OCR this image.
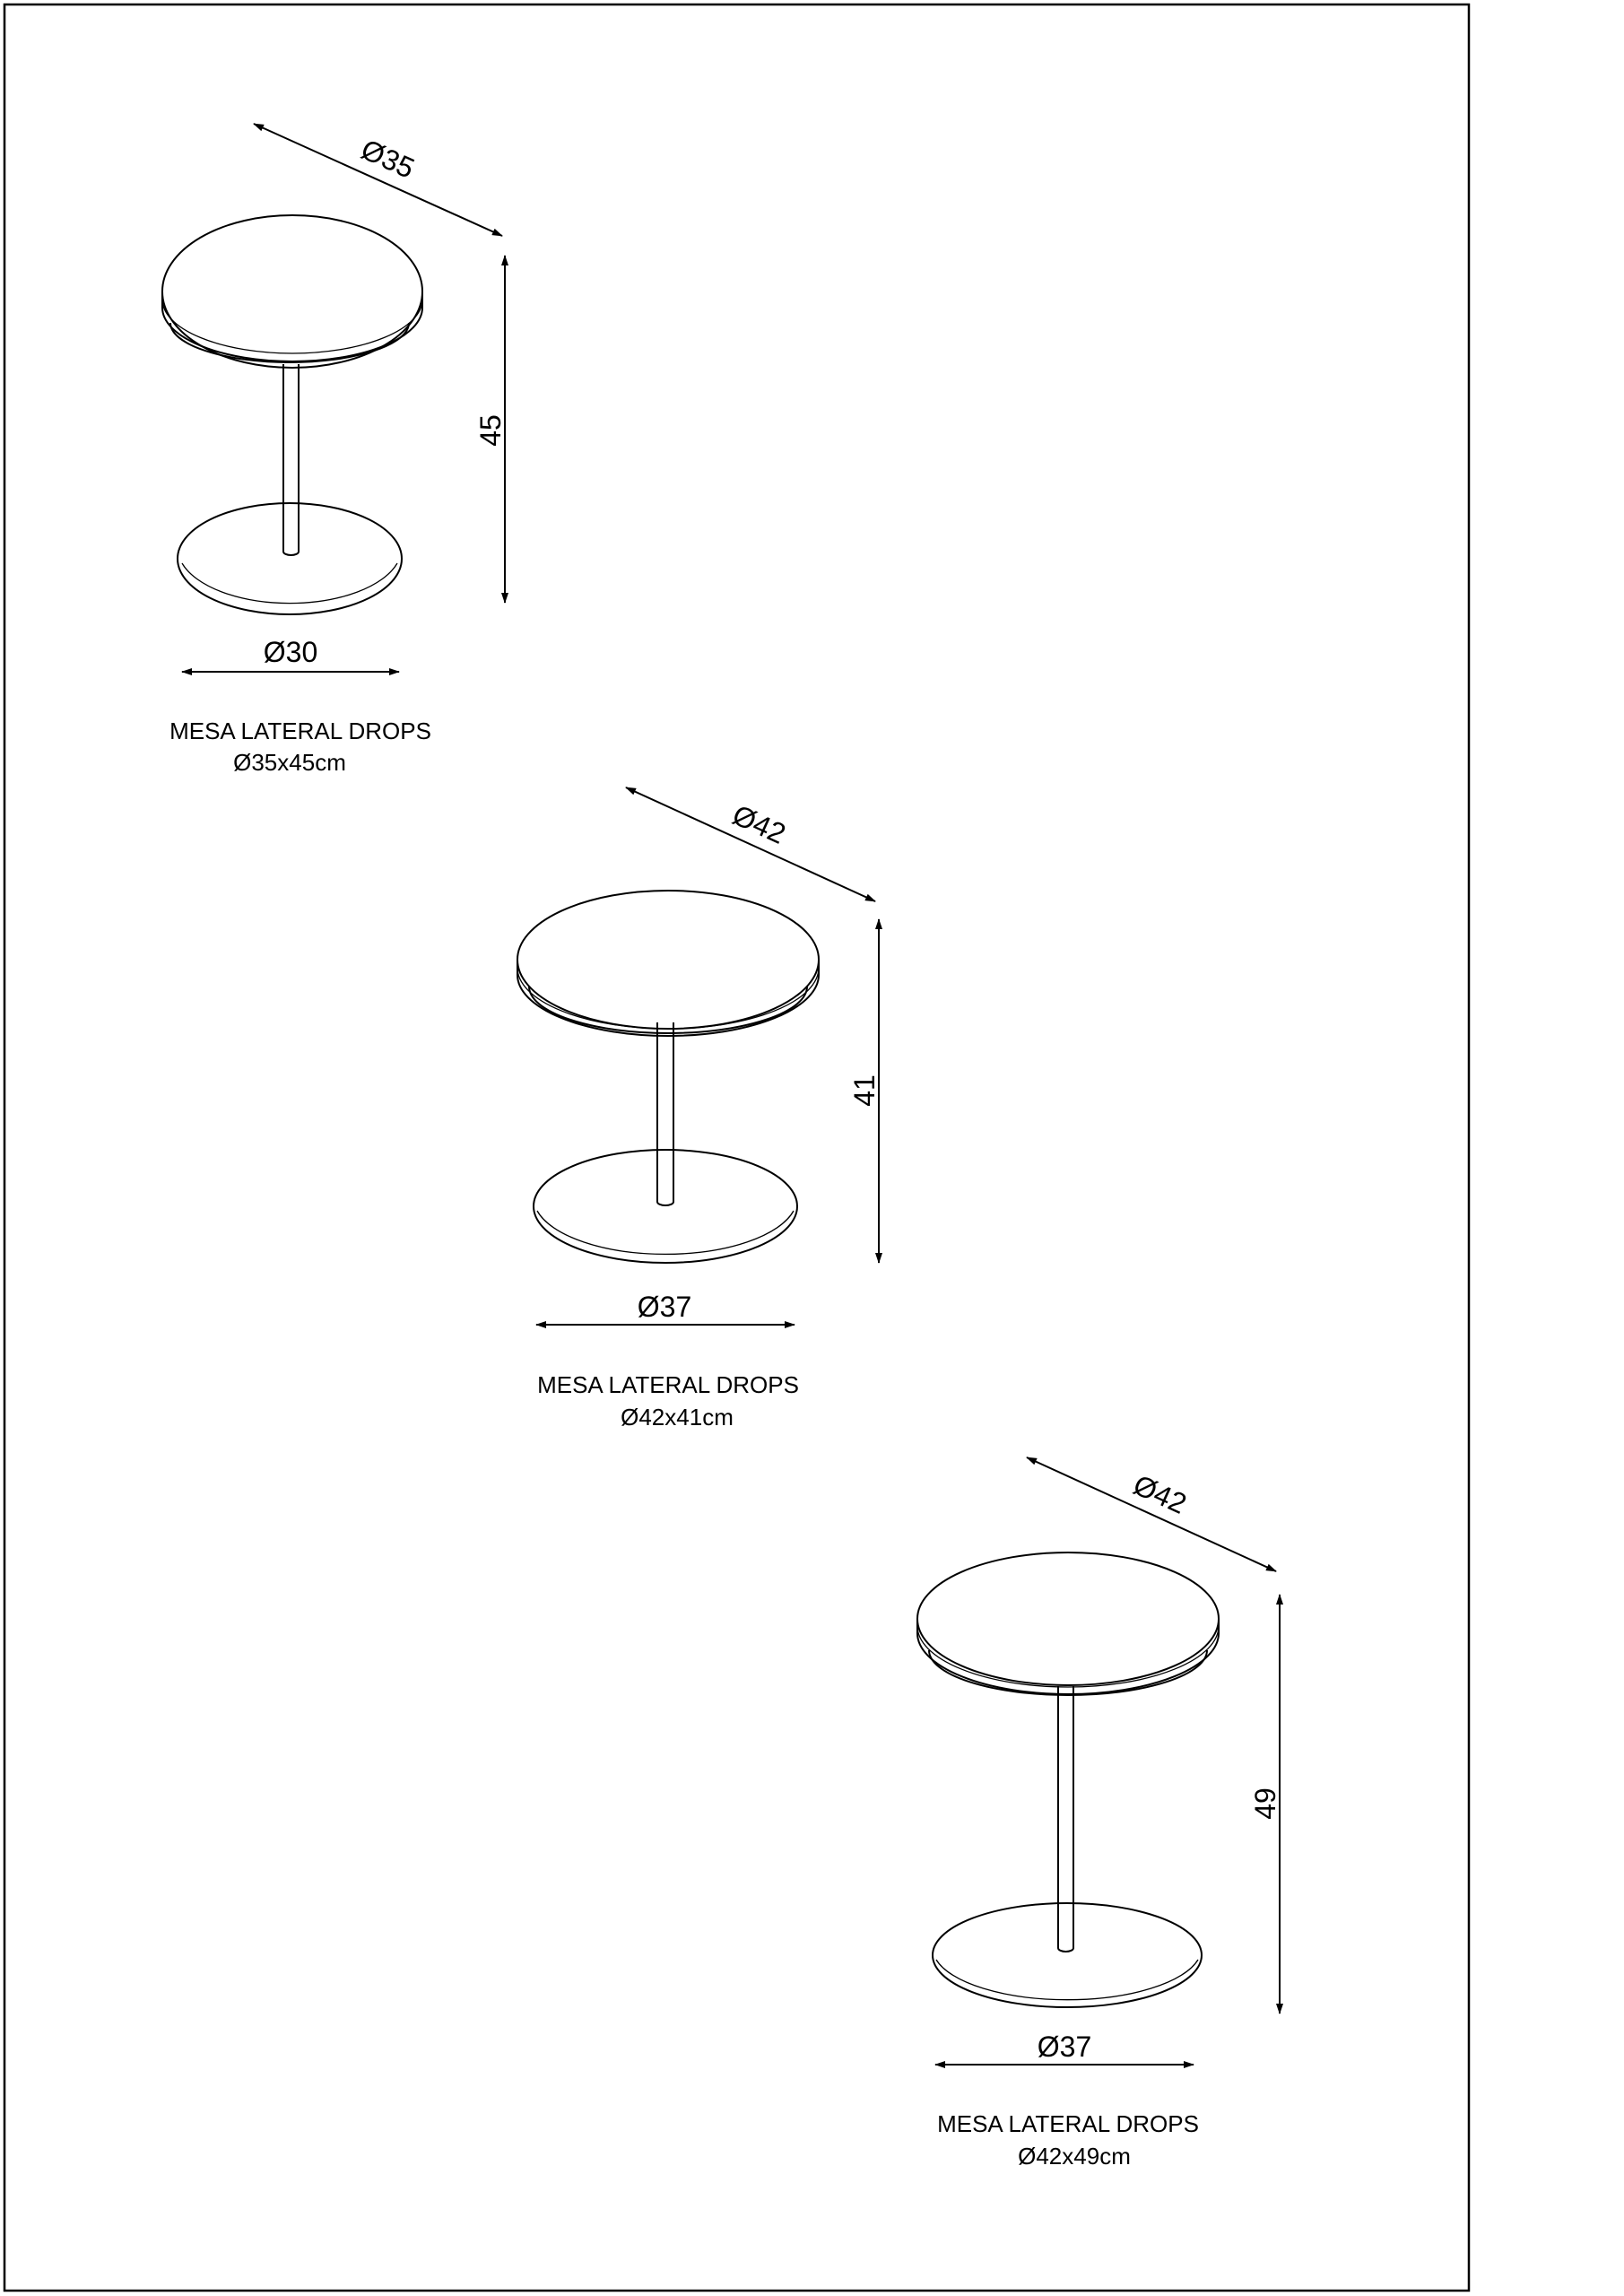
Ø35
45
Ø30
MESA LATERAL DROPS
Ø35x45cm
Ø42
41
Ø37
MESA LATERAL DROPS
Ø42x41cm
Ø42
49
Ø37
MESA LATERAL DROPS
Ø42x49cm
